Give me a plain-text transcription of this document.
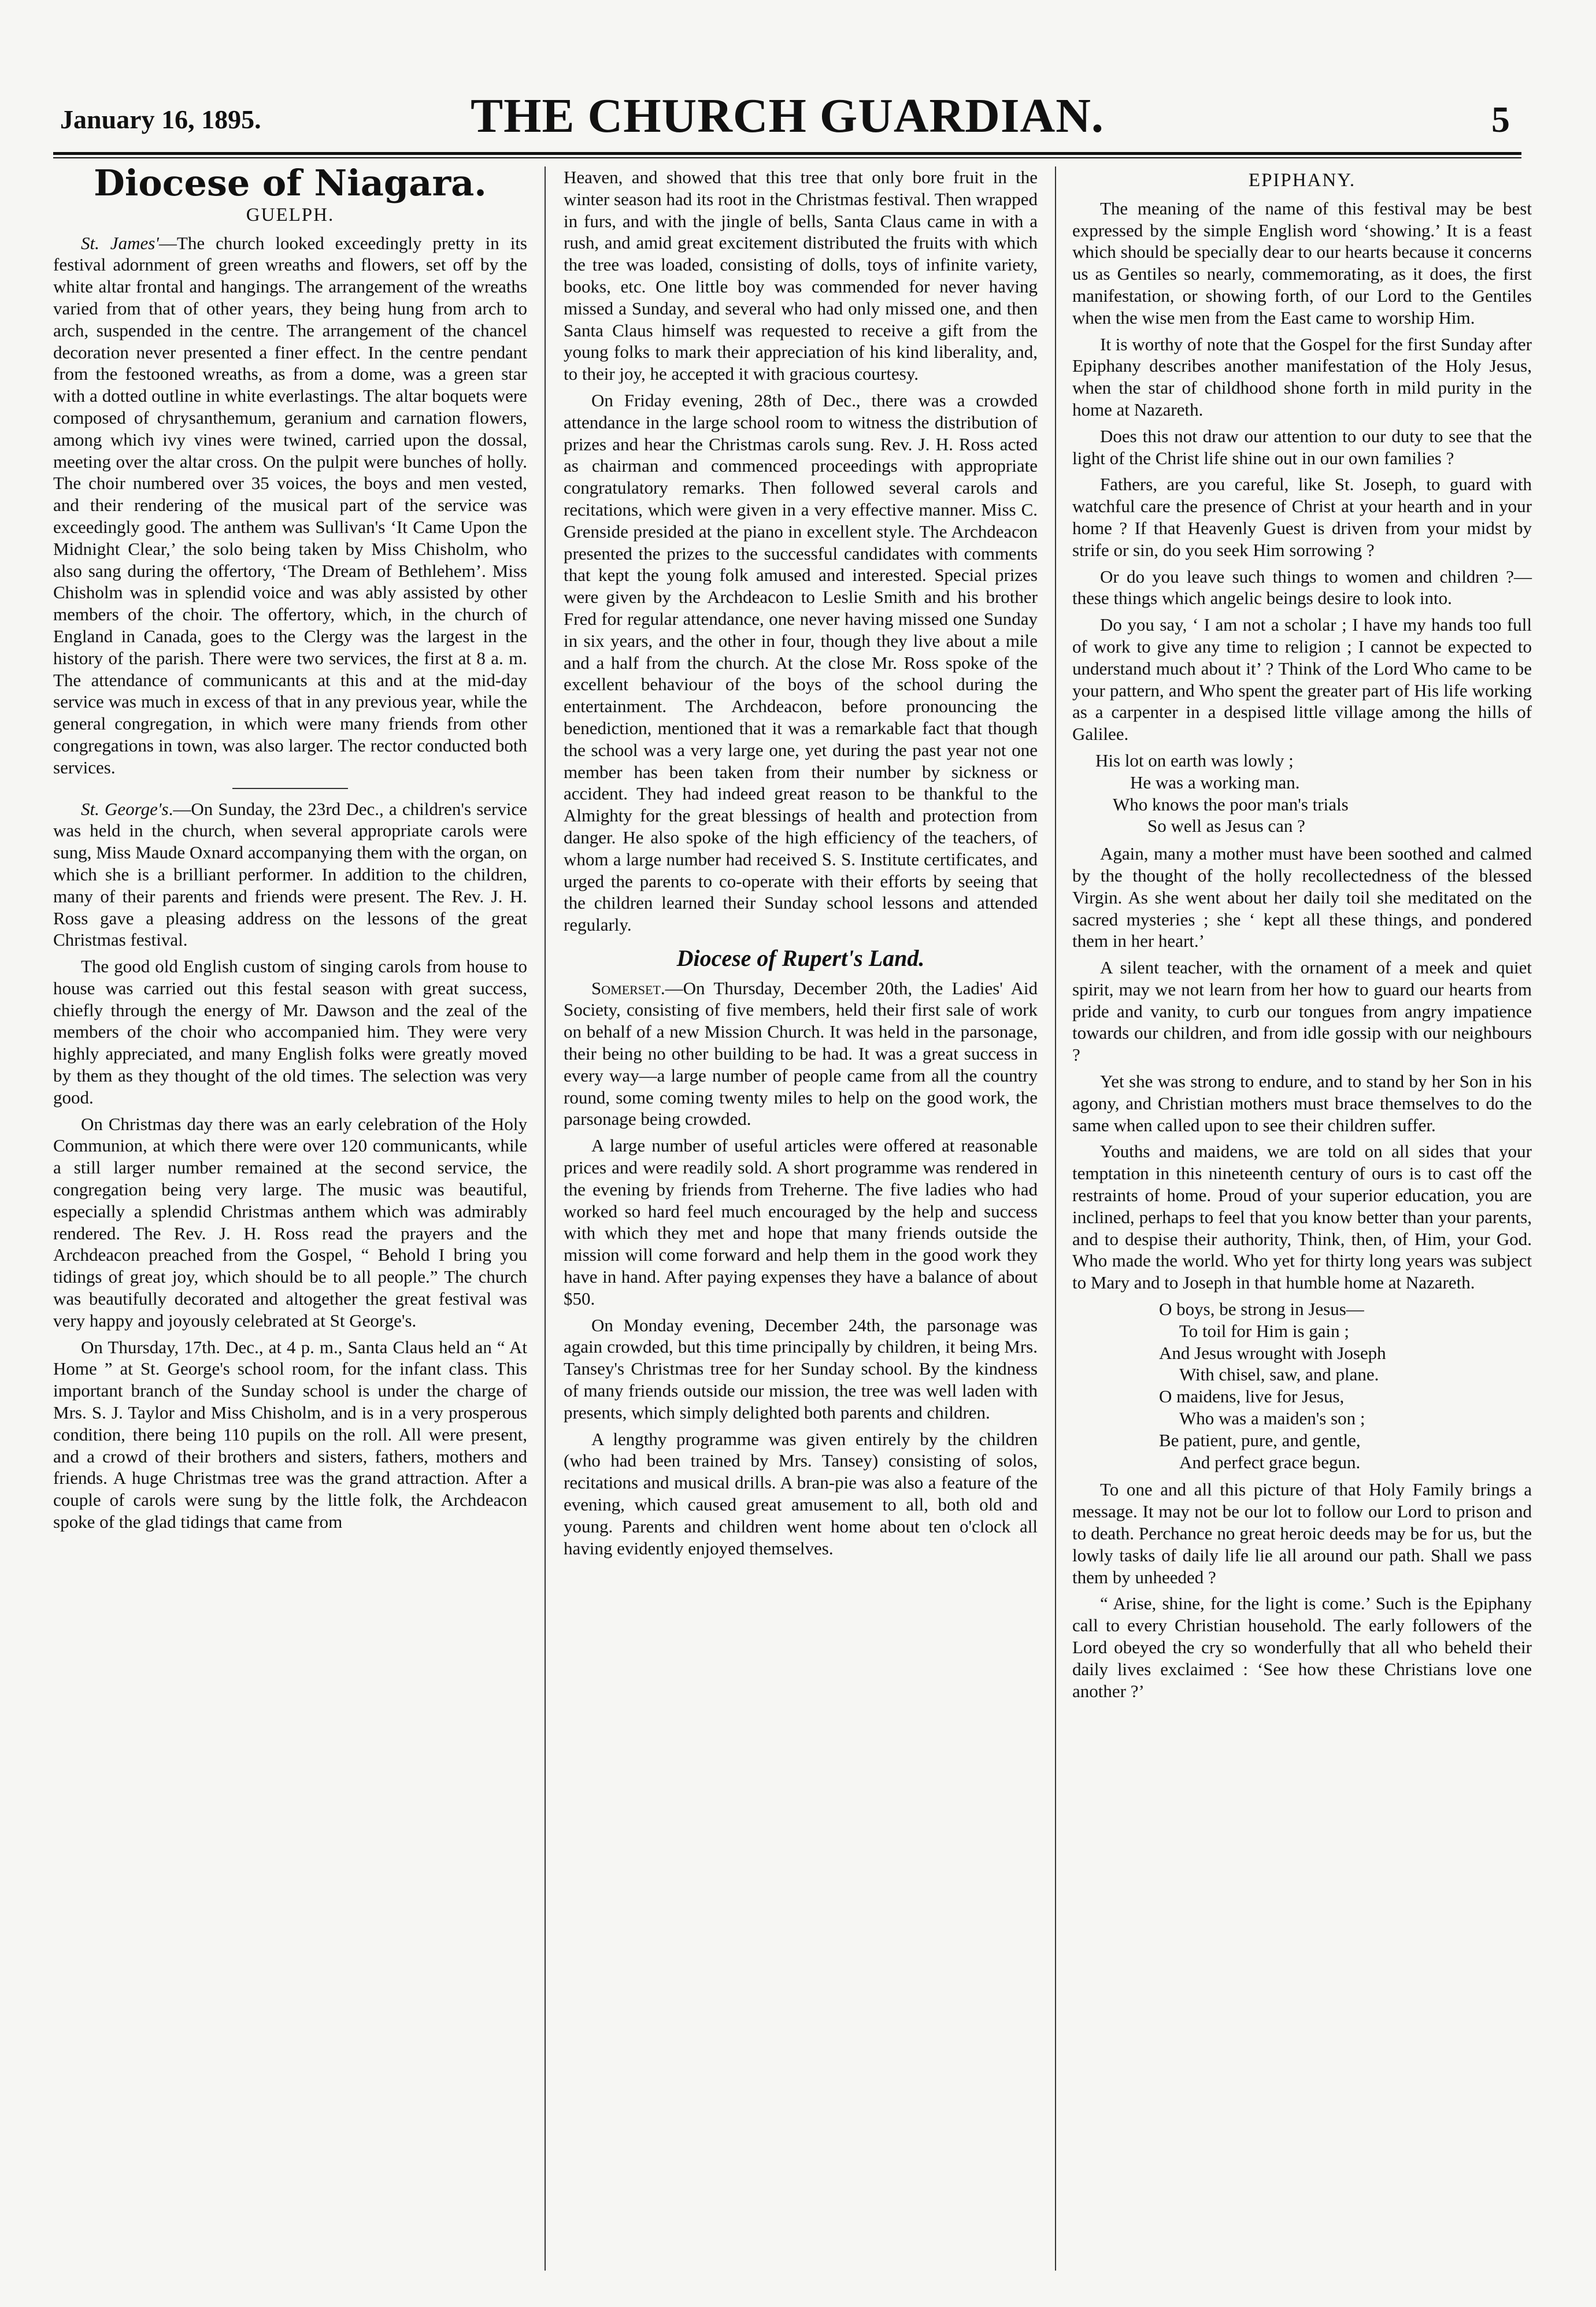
January 16, 1895.	THE CHURCH GUARDIAN.	5
Diocese of Niagara.
GUELPH.

St. James'—The church looked exceedingly pretty in its festival adornment of green wreaths and flowers, set off by the white altar frontal and hangings. The arrangement of the wreaths varied from that of other years, they being hung from arch to arch, suspended in the centre. The arrangement of the chancel decoration never presented a finer effect. In the centre pendant from the festooned wreaths, as from a dome, was a green star with a dotted outline in white everlastings. The altar boquets were composed of chrysanthemum, geranium and carnation flowers, among which ivy vines were twined, carried upon the dossal, meeting over the altar cross. On the pulpit were bunches of holly. The choir numbered over 35 voices, the boys and men vested, and their rendering of the musical part of the service was exceedingly good. The anthem was Sullivan's ‘It Came Upon the Midnight Clear,’ the solo being taken by Miss Chisholm, who also sang during the offertory, ‘The Dream of Bethlehem’. Miss Chisholm was in splendid voice and was ably assisted by other members of the choir. The offertory, which, in the church of England in Canada, goes to the Clergy was the largest in the history of the parish. There were two services, the first at 8 a. m. The attendance of communicants at this and at the mid-day service was much in excess of that in any previous year, while the general congregation, in which were many friends from other congregations in town, was also larger. The rector conducted both services.

St. George's.—On Sunday, the 23rd Dec., a children's service was held in the church, when several appropriate carols were sung, Miss Maude Oxnard accompanying them with the organ, on which she is a brilliant performer. In addition to the children, many of their parents and friends were present. The Rev. J. H. Ross gave a pleasing address on the lessons of the great Christmas festival.

The good old English custom of singing carols from house to house was carried out this festal season with great success, chiefly through the energy of Mr. Dawson and the zeal of the members of the choir who accompanied him. They were very highly appreciated, and many English folks were greatly moved by them as they thought of the old times. The selection was very good.

On Christmas day there was an early celebration of the Holy Communion, at which there were over 120 communicants, while a still larger number remained at the second service, the congregation being very large. The music was beautiful, especially a splendid Christmas anthem which was admirably rendered. The Rev. J. H. Ross read the prayers and the Archdeacon preached from the Gospel, “ Behold I bring you tidings of great joy, which should be to all people.” The church was beautifully decorated and altogether the great festival was very happy and joyously celebrated at St George's.

On Thursday, 17th. Dec., at 4 p. m., Santa Claus held an “ At Home ” at St. George's school room, for the infant class. This important branch of the Sunday school is under the charge of Mrs. S. J. Taylor and Miss Chisholm, and is in a very prosperous condition, there being 110 pupils on the roll. All were present, and a crowd of their brothers and sisters, fathers, mothers and friends. A huge Christmas tree was the grand attraction. After a couple of carols were sung by the little folk, the Archdeacon spoke of the glad tidings that came from

Heaven, and showed that this tree that only bore fruit in the winter season had its root in the Christmas festival. Then wrapped in furs, and with the jingle of bells, Santa Claus came in with a rush, and amid great excitement distributed the fruits with which the tree was loaded, consisting of dolls, toys of infinite variety, books, etc. One little boy was commended for never having missed a Sunday, and several who had only missed one, and then Santa Claus himself was requested to receive a gift from the young folks to mark their appreciation of his kind liberality, and, to their joy, he accepted it with gracious courtesy.

On Friday evening, 28th of Dec., there was a crowded attendance in the large school room to witness the distribution of prizes and hear the Christmas carols sung. Rev. J. H. Ross acted as chairman and commenced proceedings with appropriate congratulatory remarks. Then followed several carols and recitations, which were given in a very effective manner. Miss C. Grenside presided at the piano in excellent style. The Archdeacon presented the prizes to the successful candidates with comments that kept the young folk amused and interested. Special prizes were given by the Archdeacon to Leslie Smith and his brother Fred for regular attendance, one never having missed one Sunday in six years, and the other in four, though they live about a mile and a half from the church. At the close Mr. Ross spoke of the excellent behaviour of the boys of the school during the entertainment. The Archdeacon, before pronouncing the benediction, mentioned that it was a remarkable fact that though the school was a very large one, yet during the past year not one member has been taken from their number by sickness or accident. They had indeed great reason to be thankful to the Almighty for the great blessings of health and protection from danger. He also spoke of the high efficiency of the teachers, of whom a large number had received S. S. Institute certificates, and urged the parents to co-operate with their efforts by seeing that the children learned their Sunday school lessons and attended regularly.

Diocese of Rupert's Land.

Somerset.—On Thursday, December 20th, the Ladies' Aid Society, consisting of five members, held their first sale of work on behalf of a new Mission Church. It was held in the parsonage, their being no other building to be had. It was a great success in every way—a large number of people came from all the country round, some coming twenty miles to help on the good work, the parsonage being crowded.

A large number of useful articles were offered at reasonable prices and were readily sold. A short programme was rendered in the evening by friends from Treherne. The five ladies who had worked so hard feel much encouraged by the help and success with which they met and hope that many friends outside the mission will come forward and help them in the good work they have in hand. After paying expenses they have a balance of about $50.

On Monday evening, December 24th, the parsonage was again crowded, but this time principally by children, it being Mrs. Tansey's Christmas tree for her Sunday school. By the kindness of many friends outside our mission, the tree was well laden with presents, which simply delighted both parents and children.

A lengthy programme was given entirely by the children (who had been trained by Mrs. Tansey) consisting of solos, recitations and musical drills. A bran-pie was also a feature of the evening, which caused great amusement to all, both old and young. Parents and children went home about ten o'clock all having evidently enjoyed themselves.

EPIPHANY.

The meaning of the name of this festival may be best expressed by the simple English word ‘showing.’ It is a feast which should be specially dear to our hearts because it concerns us as Gentiles so nearly, commemorating, as it does, the first manifestation, or showing forth, of our Lord to the Gentiles when the wise men from the East came to worship Him.

It is worthy of note that the Gospel for the first Sunday after Epiphany describes another manifestation of the Holy Jesus, when the star of childhood shone forth in mild purity in the home at Nazareth.

Does this not draw our attention to our duty to see that the light of the Christ life shine out in our own families ?

Fathers, are you careful, like St. Joseph, to guard with watchful care the presence of Christ at your hearth and in your home ? If that Heavenly Guest is driven from your midst by strife or sin, do you seek Him sorrowing ?

Or do you leave such things to women and children ?—these things which angelic beings desire to look into.

Do you say, ‘ I am not a scholar ; I have my hands too full of work to give any time to religion ; I cannot be expected to understand much about it’ ? Think of the Lord Who came to be your pattern, and Who spent the greater part of His life working as a carpenter in a despised little village among the hills of Galilee.

His lot on earth was lowly ;
He was a working man.
Who knows the poor man's trials
So well as Jesus can ?

Again, many a mother must have been soothed and calmed by the thought of the holly recollectedness of the blessed Virgin. As she went about her daily toil she meditated on the sacred mysteries ; she ‘ kept all these things, and pondered them in her heart.’

A silent teacher, with the ornament of a meek and quiet spirit, may we not learn from her how to guard our hearts from pride and vanity, to curb our tongues from angry impatience towards our children, and from idle gossip with our neighbours ?

Yet she was strong to endure, and to stand by her Son in his agony, and Christian mothers must brace themselves to do the same when called upon to see their children suffer.

Youths and maidens, we are told on all sides that your temptation in this nineteenth century of ours is to cast off the restraints of home. Proud of your superior education, you are inclined, perhaps to feel that you know better than your parents, and to despise their authority, Think, then, of Him, your God. Who made the world. Who yet for thirty long years was subject to Mary and to Joseph in that humble home at Nazareth.

O boys, be strong in Jesus—
To toil for Him is gain ;
And Jesus wrought with Joseph
With chisel, saw, and plane.
O maidens, live for Jesus,
Who was a maiden's son ;
Be patient, pure, and gentle,
And perfect grace begun.

To one and all this picture of that Holy Family brings a message. It may not be our lot to follow our Lord to prison and to death. Perchance no great heroic deeds may be for us, but the lowly tasks of daily life lie all around our path. Shall we pass them by unheeded ?

“ Arise, shine, for the light is come.’ Such is the Epiphany call to every Christian household. The early followers of the Lord obeyed the cry so wonderfully that all who beheld their daily lives exclaimed : ‘See how these Christians love one another ?’
